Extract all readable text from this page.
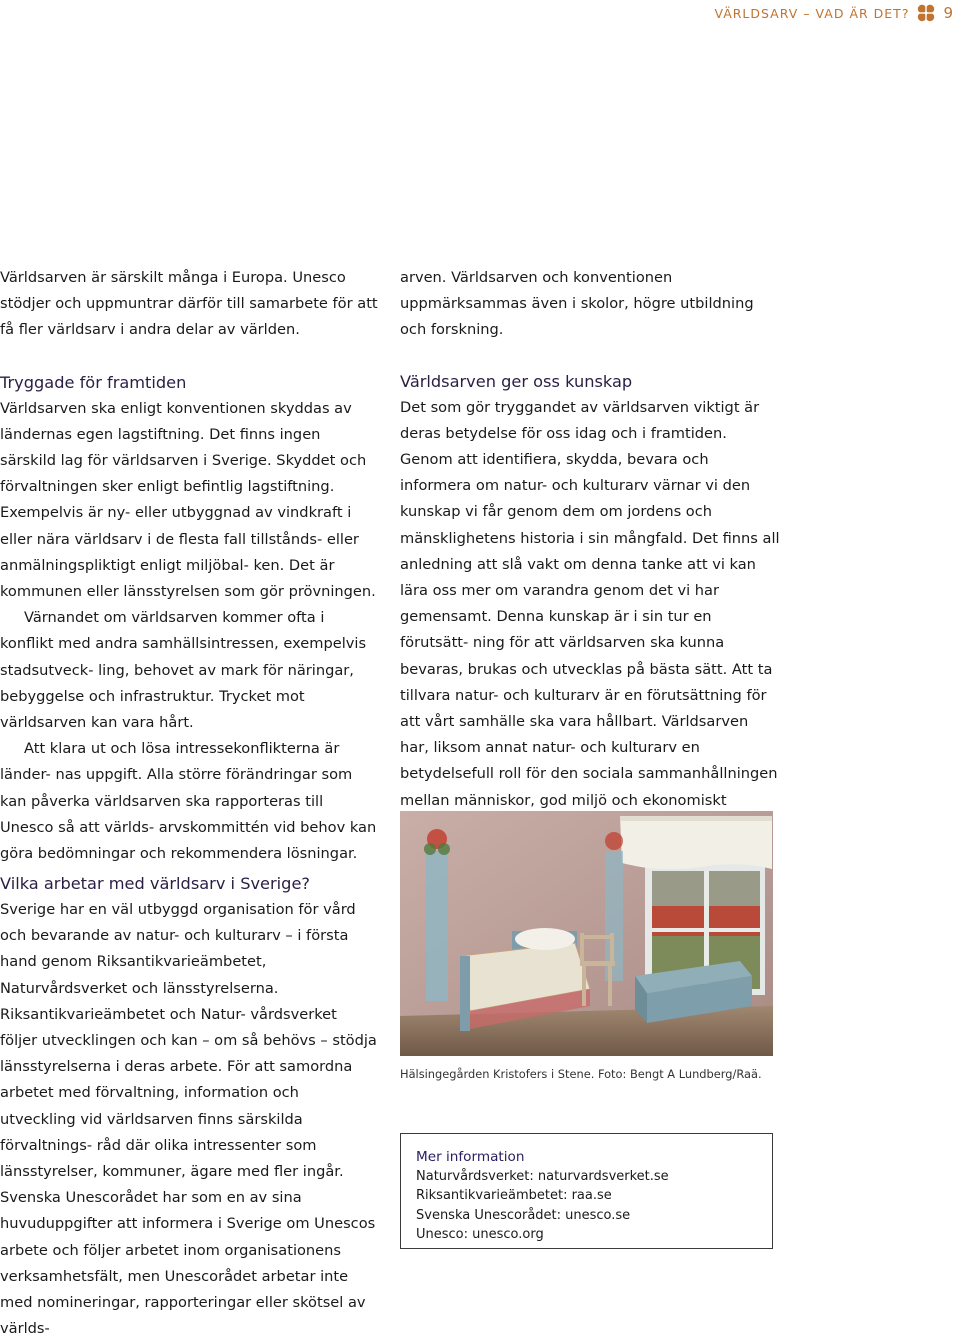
VÄRLDSARV – VAD ÄR DET? 9

Världsarven är särskilt många i Europa. Unesco stödjer och uppmuntrar därför till samarbete för att få fler världsarv i andra delar av världen.

Tryggade för framtiden

Världsarven ska enligt konventionen skyddas av ländernas egen lagstiftning. Det finns ingen särskild lag för världsarven i Sverige. Skyddet och förvaltningen sker enligt befintlig lagstiftning. Exempelvis är ny- eller utbyggnad av vindkraft i eller nära världsarv i de flesta fall tillstånds- eller anmälningspliktigt enligt miljöbal- ken. Det är kommunen eller länsstyrelsen som gör prövningen.

Värnandet om världsarven kommer ofta i konflikt med andra samhällsintressen, exempelvis stadsutveck- ling, behovet av mark för näringar, bebyggelse och infrastruktur. Trycket mot världsarven kan vara hårt.

Att klara ut och lösa intressekonflikterna är länder- nas uppgift. Alla större förändringar som kan påverka världsarven ska rapporteras till Unesco så att världs- arvskommittén vid behov kan göra bedömningar och rekommendera lösningar.

arven. Världsarven och konventionen uppmärksammas även i skolor, högre utbildning och forskning.

Världsarven ger oss kunskap

Det som gör tryggandet av världsarven viktigt är deras betydelse för oss idag och i framtiden. Genom att identifiera, skydda, bevara och informera om natur- och kulturarv värnar vi den kunskap vi får genom dem om jordens och mänsklighetens historia i sin mångfald. Det finns all anledning att slå vakt om denna tanke att vi kan lära oss mer om varandra genom det vi har gemensamt. Denna kunskap är i sin tur en förutsätt- ning för att världsarven ska kunna bevaras, brukas och utvecklas på bästa sätt. Att ta tillvara natur- och kulturarv är en förutsättning för att vårt samhälle ska vara hållbart. Världsarven har, liksom annat natur- och kulturarv en betydelsefull roll för den sociala sammanhållningen mellan människor, god miljö och ekonomiskt

Vilka arbetar med världsarv i Sverige?

Sverige har en väl utbyggd organisation för vård och bevarande av natur- och kulturarv – i första hand genom Riksantikvarieämbetet, Naturvårdsverket och länsstyrelserna. Riksantikvarieämbetet och Natur- vårdsverket följer utvecklingen och kan – om så behövs – stödja länsstyrelserna i deras arbete. För att samordna arbetet med förvaltning, information och utveckling vid världsarven finns särskilda förvaltnings- råd där olika intressenter som länsstyrelser, kommuner, ägare med fler ingår. Svenska Unescorådet har som en av sina huvuduppgifter att informera i Sverige om Unescos arbete och följer arbetet inom organisationens verksamhetsfält, men Unescorådet arbetar inte med nomineringar, rapporteringar eller skötsel av världs-

Hälsingegården Kristofers i Stene. Foto: Bengt A Lundberg/Raä.
Mer information
Naturvårdsverket: naturvardsverket.se
Riksantikvarieämbetet: raa.se
Svenska Unescorådet: unesco.se
Unesco: unesco.org
